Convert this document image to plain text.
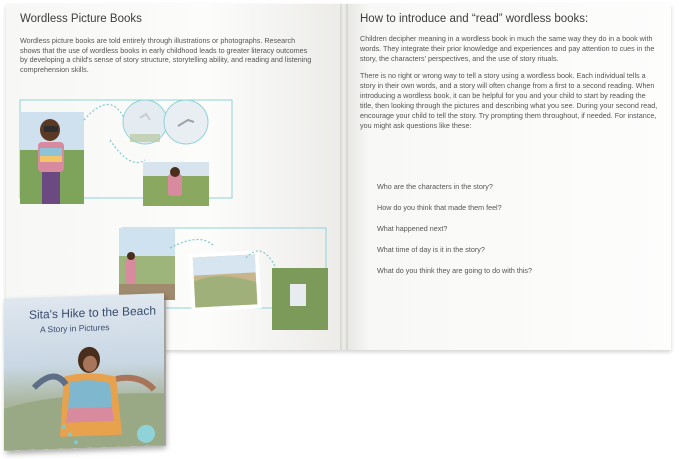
Wordless Picture Books
Wordless picture books are told entirely through illustrations or photographs. Research shows that the use of wordless books in early childhood leads to greater literacy outcomes by developing a child's sense of story structure, storytelling ability, and reading and listening comprehension skills.
How to introduce and “read” wordless books:

Children decipher meaning in a wordless book in much the same way they do in a book with words. They integrate their prior knowledge and experiences and pay attention to cues in the story, the characters' perspectives, and the use of story rituals.

There is no right or wrong way to tell a story using a wordless book. Each individual tells a story in their own words, and a story will often change from a first to a second reading. When introducing a wordless book, it can be helpful for you and your child to start by reading the title, then looking through the pictures and describing what you see. During your second read, encourage your child to tell the story. Try prompting them throughout, if needed. For instance, you might ask questions like these:

Who are the characters in the story?
How do you think that made them feel?
What happened next?
What time of day is it in the story?
What do you think they are going to do with this?
Sita's Hike to the Beach
A Story in Pictures
